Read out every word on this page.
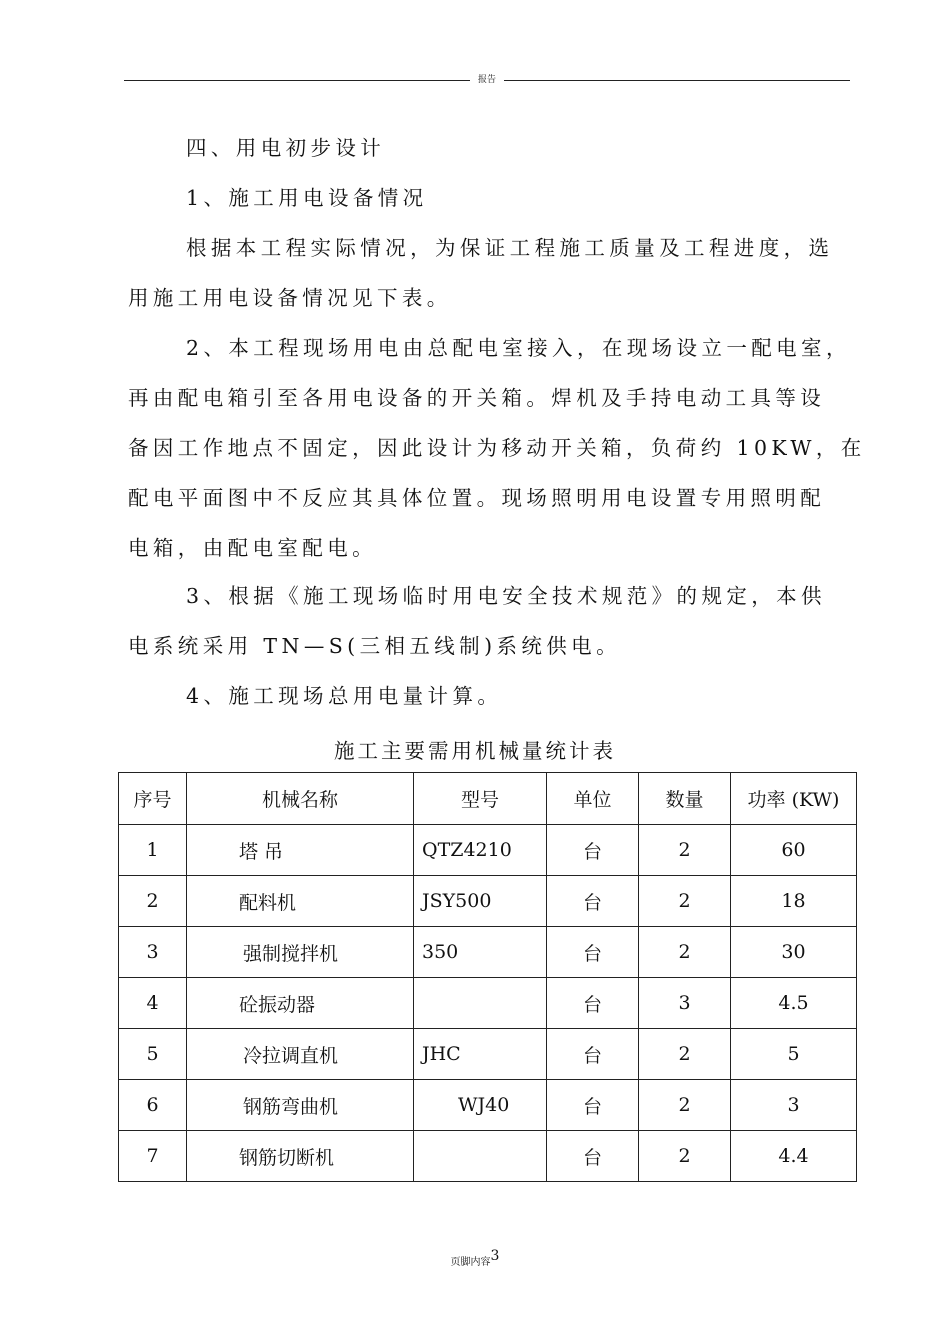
报告
四、用电初步设计
1、施工用电设备情况
根据本工程实际情况，为保证工程施工质量及工程进度，选
用施工用电设备情况见下表。
2、本工程现场用电由总配电室接入，在现场设立一配电室，
再由配电箱引至各用电设备的开关箱。焊机及手持电动工具等设
备因工作地点不固定，因此设计为移动开关箱，负荷约 10KW，在
配电平面图中不反应其具体位置。现场照明用电设置专用照明配
电箱，由配电室配电。
3、根据《施工现场临时用电安全技术规范》的规定，本供
电系统采用 TN—S(三相五线制)系统供电。
4、施工现场总用电量计算。
施工主要需用机械量统计表
序号	机械名称	型号	单位	数量	功率 (KW)
1	塔 吊	QTZ4210	台	2	60
2	配料机	JSY500	台	2	18
3	强制搅拌机	350	台	2	30
4	砼振动器		台	3	4.5
5	冷拉调直机	JHC	台	2	5
6	钢筋弯曲机	WJ40	台	2	3
7	钢筋切断机		台	2	4.4
页脚内容3
